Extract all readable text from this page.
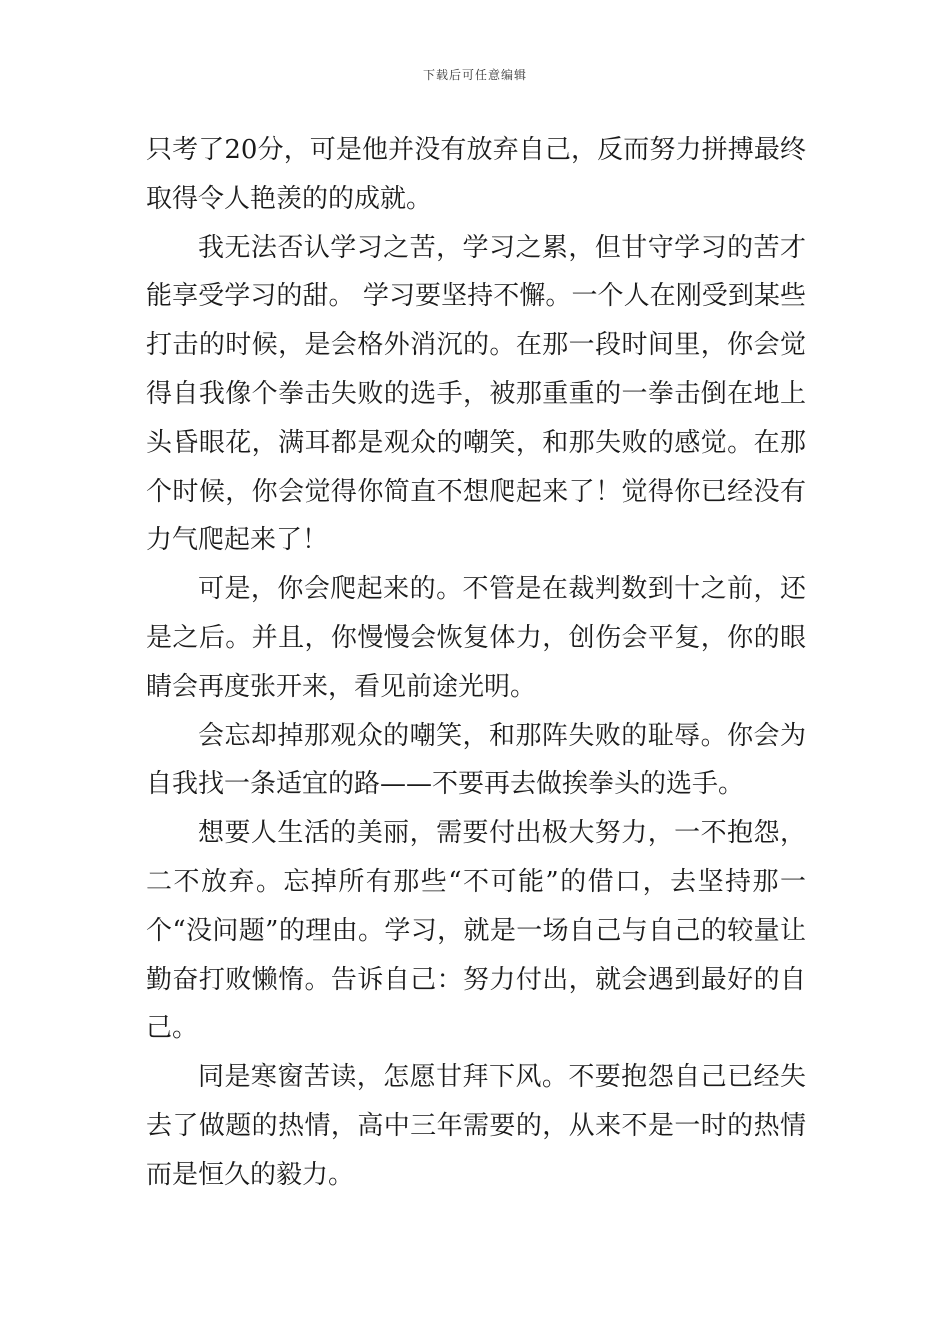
下载后可任意编辑

只考了20分，可是他并没有放弃自己，反而努力拼搏最终取得令人艳羡的的成就。

我无法否认学习之苦，学习之累，但甘守学习的苦才能享受学习的甜。 学习要坚持不懈。一个人在刚受到某些打击的时候，是会格外消沉的。在那一段时间里，你会觉得自我像个拳击失败的选手，被那重重的一拳击倒在地上头昏眼花，满耳都是观众的嘲笑，和那失败的感觉。在那个时候，你会觉得你简直不想爬起来了！觉得你已经没有力气爬起来了！

可是，你会爬起来的。不管是在裁判数到十之前，还是之后。并且，你慢慢会恢复体力，创伤会平复，你的眼睛会再度张开来，看见前途光明。

会忘却掉那观众的嘲笑，和那阵失败的耻辱。你会为自我找一条适宜的路——不要再去做挨拳头的选手。

想要人生活的美丽，需要付出极大努力，一不抱怨，二不放弃。忘掉所有那些“不可能”的借口，去坚持那一个“没问题”的理由。学习，就是一场自己与自己的较量让勤奋打败懒惰。告诉自己：努力付出，就会遇到最好的自己。

同是寒窗苦读，怎愿甘拜下风。不要抱怨自己已经失去了做题的热情，高中三年需要的，从来不是一时的热情而是恒久的毅力。
